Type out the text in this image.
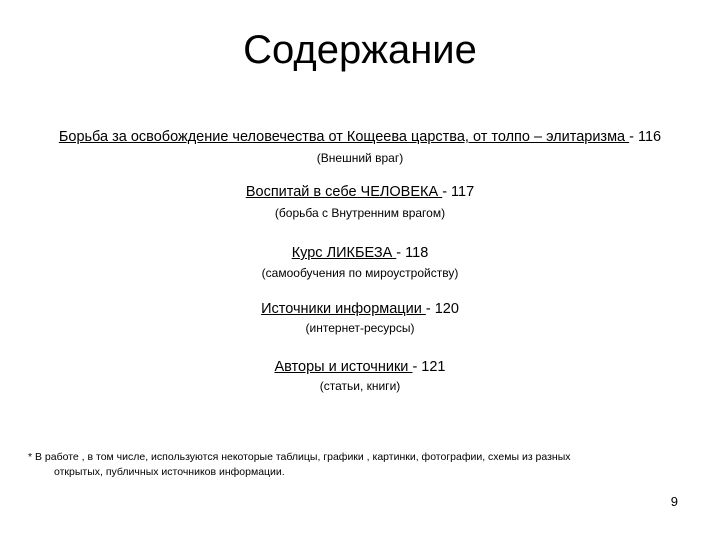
Содержание
Борьба за освобождение человечества от Кощеева царства, от толпо – элитаризма - 116
(Внешний враг)
Воспитай в себе ЧЕЛОВЕКА - 117
(борьба с Внутренним врагом)
Курс ЛИКБЕЗА - 118
(самообучения по мироустройству)
Источники информации - 120
(интернет-ресурсы)
Авторы и источники - 121
(статьи, книги)
* В работе , в том числе, используются некоторые таблицы, графики , картинки, фотографии, схемы из разных
открытых, публичных источников информации.
9
